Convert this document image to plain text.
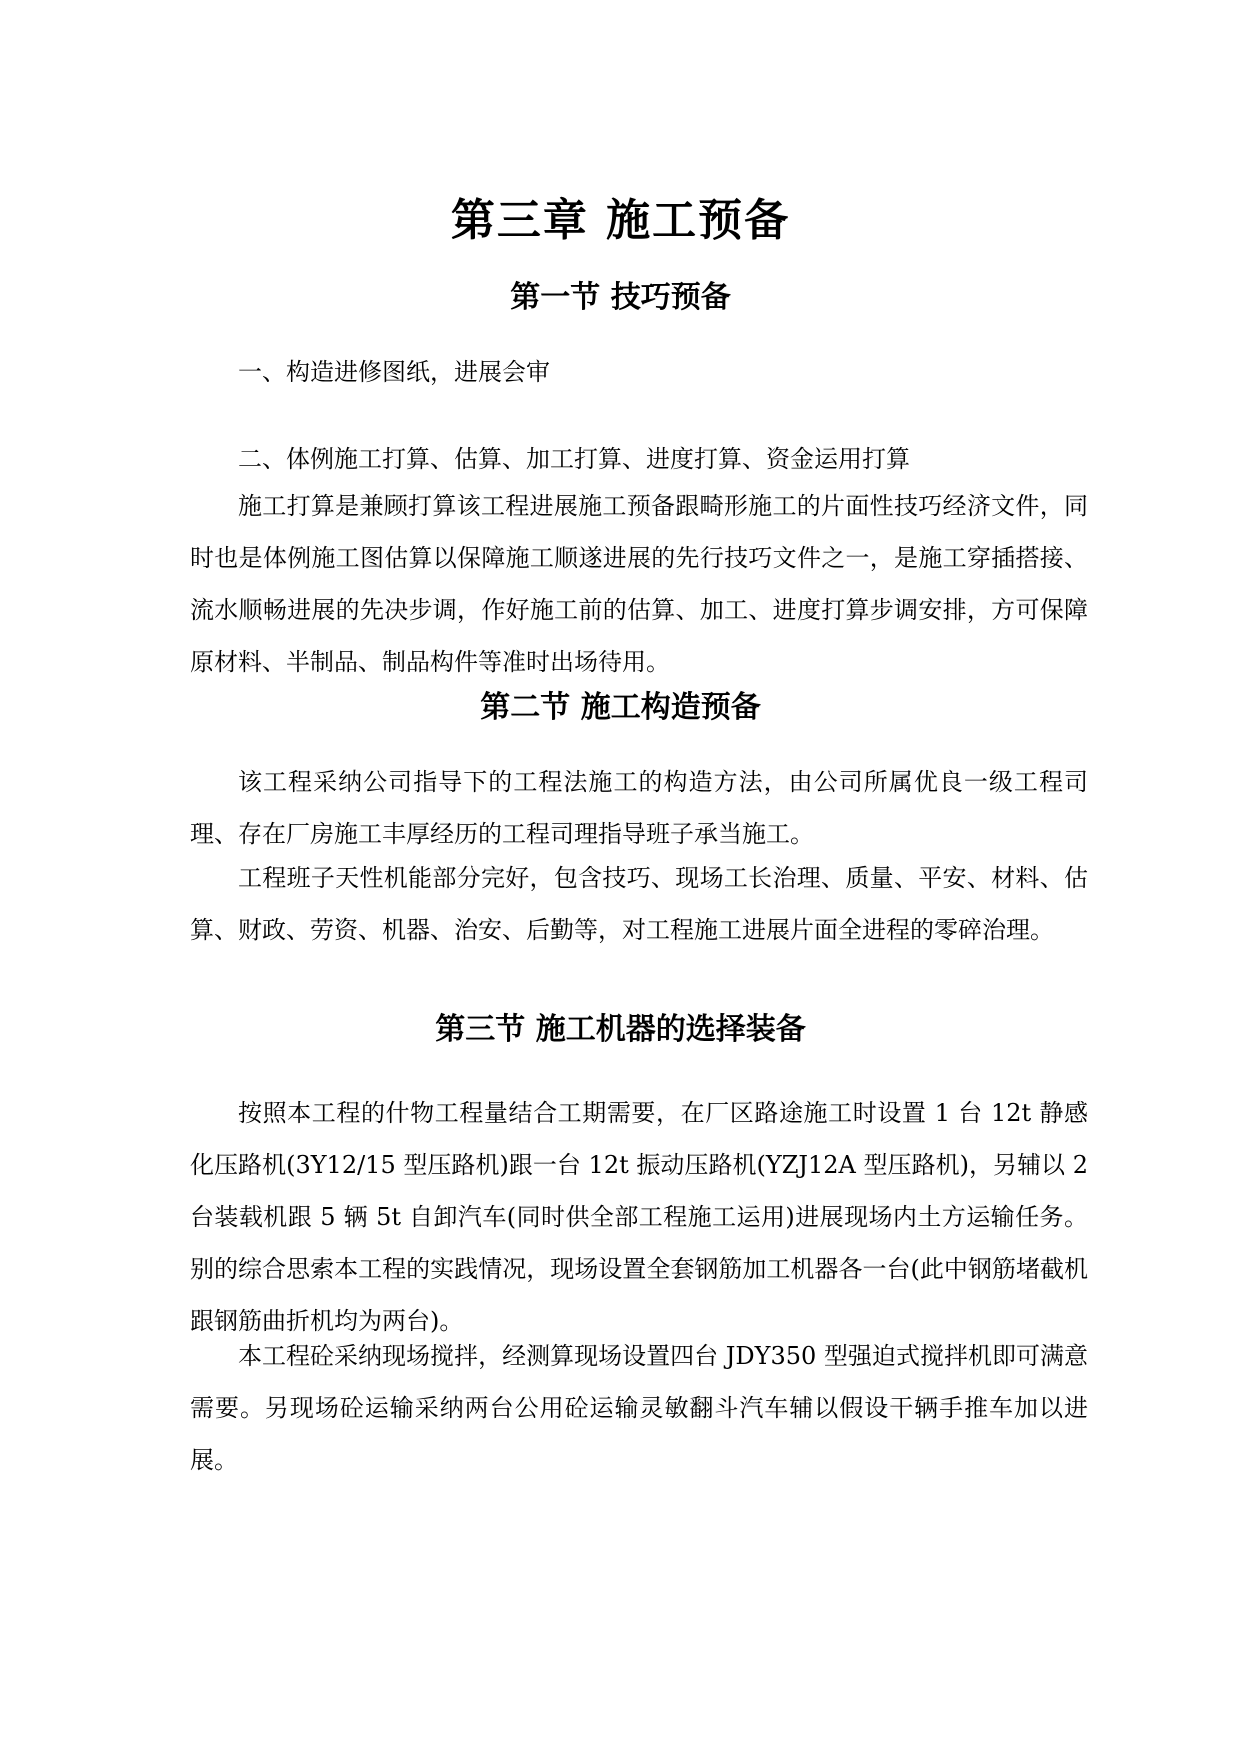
第三章 施工预备
第一节 技巧预备

一、构造进修图纸，进展会审

二、体例施工打算、估算、加工打算、进度打算、资金运用打算

施工打算是兼顾打算该工程进展施工预备跟畸形施工的片面性技巧经济文件，同时也是体例施工图估算以保障施工顺遂进展的先行技巧文件之一，是施工穿插搭接、流水顺畅进展的先决步调，作好施工前的估算、加工、进度打算步调安排，方可保障原材料、半制品、制品构件等准时出场待用。

第二节 施工构造预备

该工程采纳公司指导下的工程法施工的构造方法，由公司所属优良一级工程司理、存在厂房施工丰厚经历的工程司理指导班子承当施工。

工程班子天性机能部分完好，包含技巧、现场工长治理、质量、平安、材料、估算、财政、劳资、机器、治安、后勤等，对工程施工进展片面全进程的零碎治理。

第三节 施工机器的选择装备

按照本工程的什物工程量结合工期需要，在厂区路途施工时设置 1 台 12t 静感化压路机(3Y12/15 型压路机)跟一台 12t 振动压路机(YZJ12A 型压路机)，另辅以 2 台装载机跟 5 辆 5t 自卸汽车(同时供全部工程施工运用)进展现场内土方运输任务。别的综合思索本工程的实践情况，现场设置全套钢筋加工机器各一台(此中钢筋堵截机跟钢筋曲折机均为两台)。

本工程砼采纳现场搅拌，经测算现场设置四台 JDY350 型强迫式搅拌机即可满意需要。另现场砼运输采纳两台公用砼运输灵敏翻斗汽车辅以假设干辆手推车加以进展。
